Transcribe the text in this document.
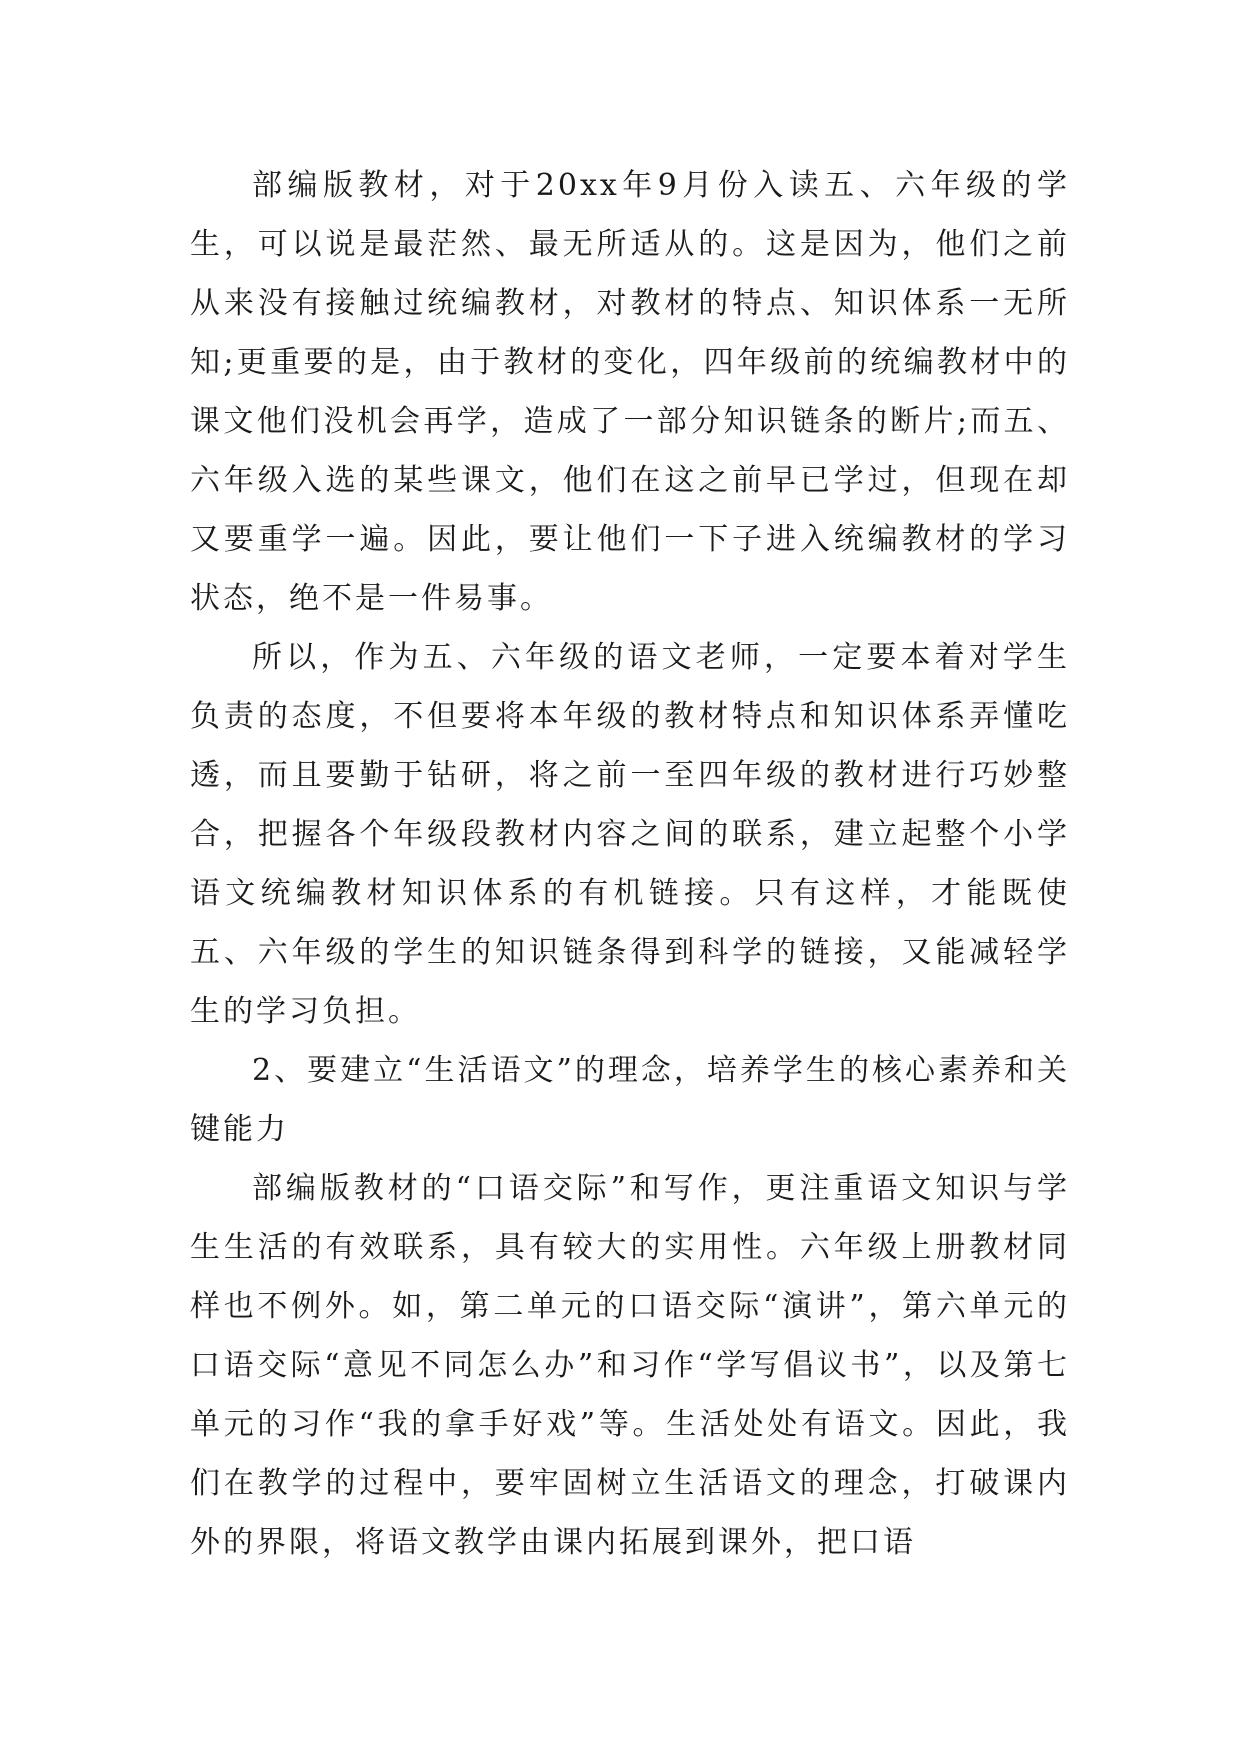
部编版教材，对于20xx年9月份入读五、六年级的学生，可以说是最茫然、最无所适从的。这是因为，他们之前从来没有接触过统编教材，对教材的特点、知识体系一无所知;更重要的是，由于教材的变化，四年级前的统编教材中的课文他们没机会再学，造成了一部分知识链条的断片;而五、六年级入选的某些课文，他们在这之前早已学过，但现在却又要重学一遍。因此，要让他们一下子进入统编教材的学习状态，绝不是一件易事。

所以，作为五、六年级的语文老师，一定要本着对学生负责的态度，不但要将本年级的教材特点和知识体系弄懂吃透，而且要勤于钻研，将之前一至四年级的教材进行巧妙整合，把握各个年级段教材内容之间的联系，建立起整个小学语文统编教材知识体系的有机链接。只有这样，才能既使五、六年级的学生的知识链条得到科学的链接，又能减轻学生的学习负担。

2、要建立“生活语文”的理念，培养学生的核心素养和关键能力

部编版教材的“口语交际”和写作，更注重语文知识与学生生活的有效联系，具有较大的实用性。六年级上册教材同样也不例外。如，第二单元的口语交际“演讲”，第六单元的口语交际“意见不同怎么办”和习作“学写倡议书”，以及第七单元的习作“我的拿手好戏”等。生活处处有语文。因此，我们在教学的过程中，要牢固树立生活语文的理念，打破课内外的界限，将语文教学由课内拓展到课外，把口语
